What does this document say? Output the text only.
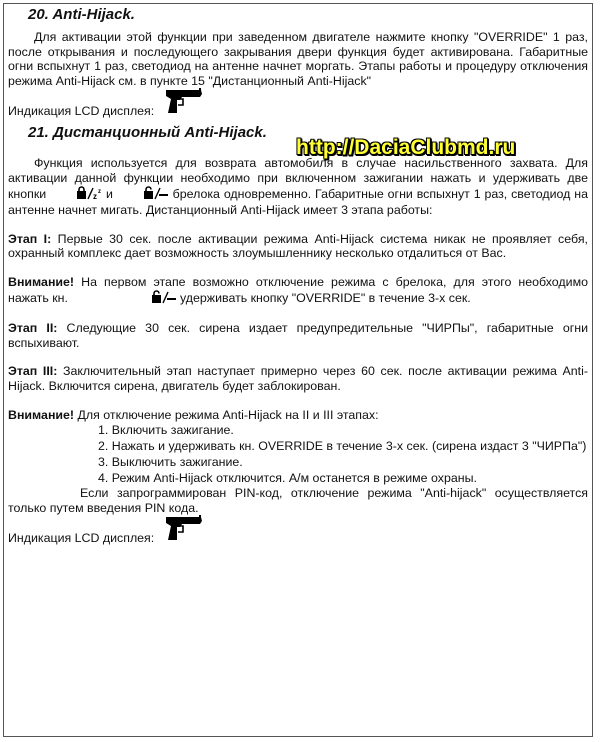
http://DaciaClubmd.ru
20. Anti-Hijack.

Для активации этой функции при заведенном двигателе нажмите кнопку "OVERRIDE" 1 раз, после открывания и последующего закрывания двери функция будет активирована. Габаритные огни вспыхнут 1 раз, светодиод на антенне начнет моргать. Этапы работы и процедуру отключения режима Anti-Hijack см. в пункте 15 "Дистанционный Anti-Hijack"

Индикация LCD дисплея:
21. Дистанционный Anti-Hijack.

Функция используется для возврата автомобиля в случае насильственного захвата. Для активации данной функции необходимо при включенном зажигании нажать и удерживать две кнопки	z z и	брелока одновременно. Габаритные огни вспыхнут 1 раз, светодиод на антенне начнет мигать. Дистанционный Anti-Hijack имеет 3 этапа работы:

Этап I: Первые 30 сек. после активации режима Anti-Hijack система никак не проявляет себя, охранный комплекс дает возможность злоумышленнику несколько отдалиться от Вас.

Внимание! На первом этапе возможно отключение режима с брелока, для этого необходимо нажать кн.	удерживать кнопку "OVERRIDE" в течение 3-х сек.

Этап II: Следующие 30 сек. сирена издает предупредительные "ЧИРПы", габаритные огни вспыхивают.

Этап III: Заключительный этап наступает примерно через 60 сек. после активации режима Anti-Hijack. Включится сирена, двигатель будет заблокирован.

Внимание! Для отключение режима Anti-Hijack на II и III этапах:

1. Включить зажигание.
2. Нажать и удерживать кн. OVERRIDE в течение 3-х сек. (сирена издаст 3 "ЧИРПа")
3. Выключить зажигание.
4. Режим Anti-Hijack отключится. А/м останется в режиме охраны.

Если запрограммирован PIN-код, отключение режима "Anti-hijack" осуществляется только путем введения PIN кода.

Индикация LCD дисплея:
